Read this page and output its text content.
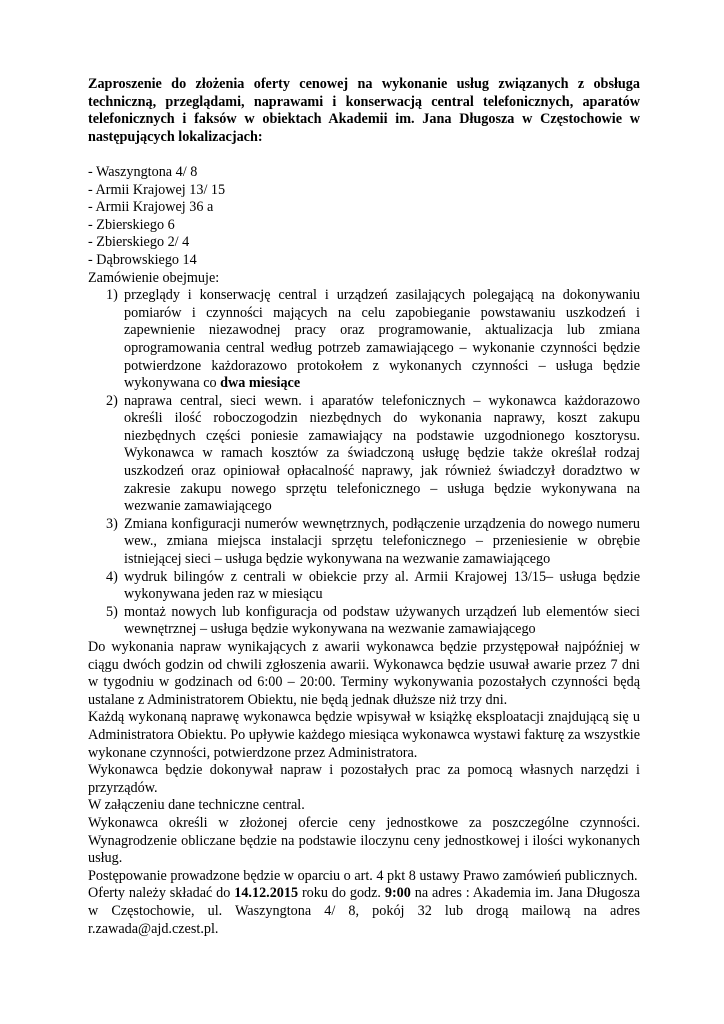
Zaproszenie do złożenia oferty cenowej na wykonanie usług związanych z obsługa techniczną, przeglądami, naprawami i konserwacją central telefonicznych, aparatów telefonicznych i faksów w obiektach Akademii im. Jana Długosza w Częstochowie w następujących lokalizacjach:

- Waszyngtona 4/ 8
- Armii Krajowej 13/ 15
- Armii Krajowej 36 a
- Zbierskiego 6
- Zbierskiego 2/ 4
- Dąbrowskiego 14

Zamówienie obejmuje:

1) przeglądy i konserwację central i urządzeń zasilających polegającą na dokonywaniu pomiarów i czynności mających na celu zapobieganie powstawaniu uszkodzeń i zapewnienie niezawodnej pracy oraz programowanie, aktualizacja lub zmiana oprogramowania central według potrzeb zamawiającego – wykonanie czynności będzie potwierdzone każdorazowo protokołem z wykonanych czynności – usługa będzie wykonywana co dwa miesiące
2) naprawa central, sieci wewn. i aparatów telefonicznych – wykonawca każdorazowo określi ilość roboczogodzin niezbędnych do wykonania naprawy, koszt zakupu niezbędnych części poniesie zamawiający na podstawie uzgodnionego kosztorysu. Wykonawca w ramach kosztów za świadczoną usługę będzie także określał rodzaj uszkodzeń oraz opiniował opłacalność naprawy, jak również świadczył doradztwo w zakresie zakupu nowego sprzętu telefonicznego – usługa będzie wykonywana na wezwanie zamawiającego
3) Zmiana konfiguracji numerów wewnętrznych, podłączenie urządzenia do nowego numeru wew., zmiana miejsca instalacji sprzętu telefonicznego – przeniesienie w obrębie istniejącej sieci – usługa będzie wykonywana na wezwanie zamawiającego
4) wydruk bilingów z centrali w obiekcie przy al. Armii Krajowej 13/15– usługa będzie wykonywana jeden raz w miesiącu
5) montaż nowych lub konfiguracja od podstaw używanych urządzeń lub elementów sieci wewnętrznej – usługa będzie wykonywana na wezwanie zamawiającego

Do wykonania napraw wynikających z awarii wykonawca będzie przystępował najpóźniej w ciągu dwóch godzin od chwili zgłoszenia awarii. Wykonawca będzie usuwał awarie przez 7 dni w tygodniu w godzinach od 6:00 – 20:00. Terminy wykonywania pozostałych czynności będą ustalane z Administratorem Obiektu, nie będą jednak dłuższe niż trzy dni.

Każdą wykonaną naprawę wykonawca będzie wpisywał w książkę eksploatacji znajdującą się u Administratora Obiektu. Po upływie każdego miesiąca wykonawca wystawi fakturę za wszystkie wykonane czynności, potwierdzone przez Administratora.

Wykonawca będzie dokonywał napraw i pozostałych prac za pomocą własnych narzędzi i przyrządów.

W załączeniu dane techniczne central.

Wykonawca określi w złożonej ofercie ceny jednostkowe za poszczególne czynności. Wynagrodzenie obliczane będzie na podstawie iloczynu ceny jednostkowej i ilości wykonanych usług.

Postępowanie prowadzone będzie w oparciu o art. 4 pkt 8 ustawy Prawo zamówień publicznych.

Oferty należy składać do 14.12.2015 roku do godz. 9:00 na adres : Akademia im. Jana Długosza w Częstochowie, ul. Waszyngtona 4/ 8, pokój 32 lub drogą mailową na adres r.zawada@ajd.czest.pl.
